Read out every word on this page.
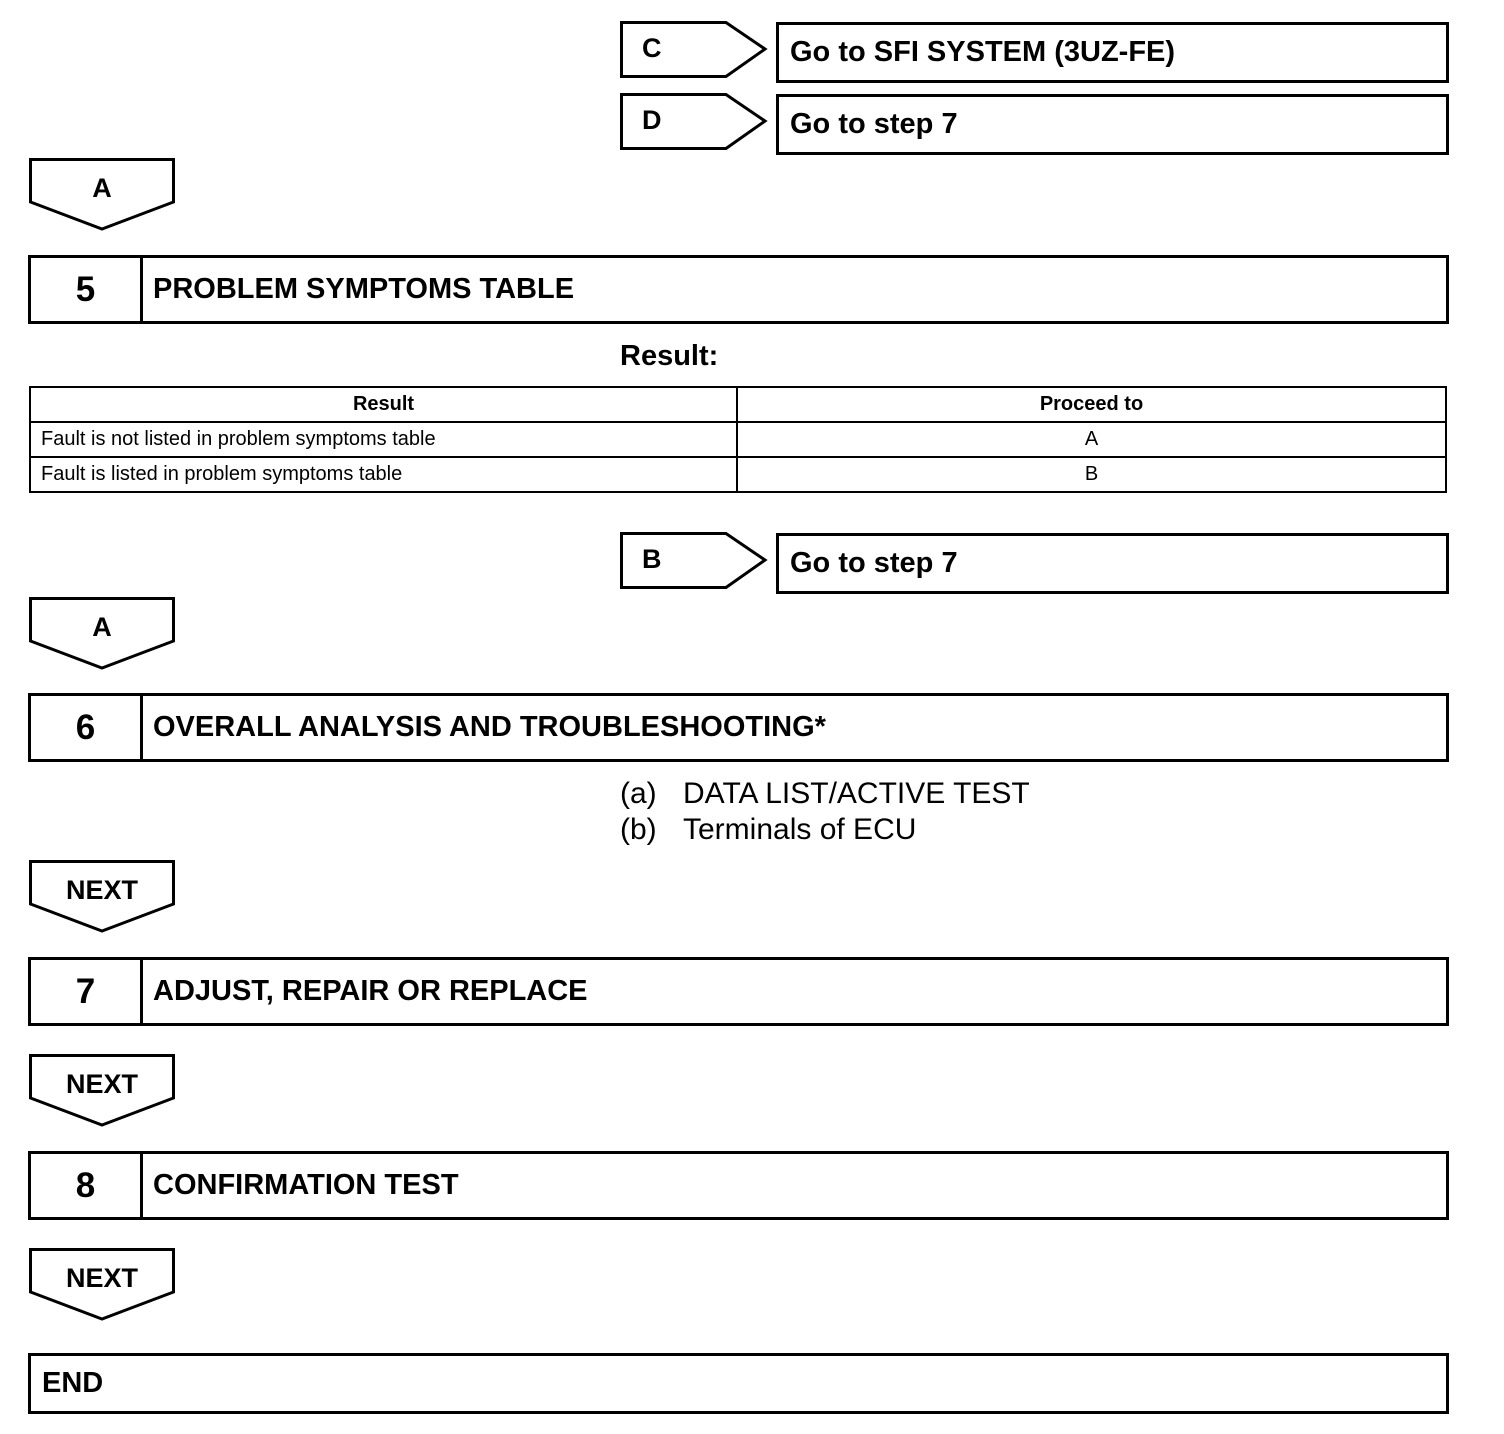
C	Go to SFI SYSTEM (3UZ-FE)
D	Go to step 7
A
5	PROBLEM SYMPTOMS TABLE
Result:
Result	Proceed to
Fault is not listed in problem symptoms table	A
Fault is listed in problem symptoms table	B
B	Go to step 7
A
6	OVERALL ANALYSIS AND TROUBLESHOOTING*
(a) DATA LIST/ACTIVE TEST
(b) Terminals of ECU
NEXT
7	ADJUST, REPAIR OR REPLACE
NEXT
8	CONFIRMATION TEST
NEXT
END
